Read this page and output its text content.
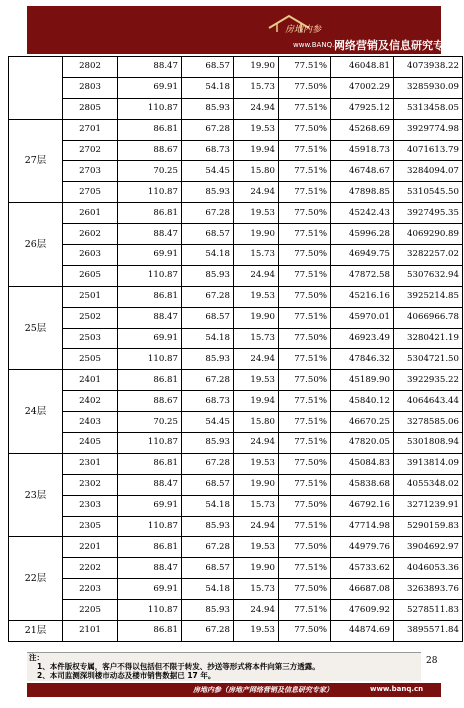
房地内参
www.BANQ.cn
网络营销及信息研究专家
	2802	88.47	68.57	19.90	77.51%	46048.81	4073938.22
	2803	69.91	54.18	15.73	77.50%	47002.29	3285930.09
	2805	110.87	85.93	24.94	77.51%	47925.12	5313458.05
27层	2701	86.81	67.28	19.53	77.50%	45268.69	3929774.98
	2702	88.67	68.73	19.94	77.51%	45918.73	4071613.79
	2703	70.25	54.45	15.80	77.51%	46748.67	3284094.07
	2705	110.87	85.93	24.94	77.51%	47898.85	5310545.50
26层	2601	86.81	67.28	19.53	77.50%	45242.43	3927495.35
	2602	88.47	68.57	19.90	77.51%	45996.28	4069290.89
	2603	69.91	54.18	15.73	77.50%	46949.75	3282257.02
	2605	110.87	85.93	24.94	77.51%	47872.58	5307632.94
25层	2501	86.81	67.28	19.53	77.50%	45216.16	3925214.85
	2502	88.47	68.57	19.90	77.51%	45970.01	4066966.78
	2503	69.91	54.18	15.73	77.50%	46923.49	3280421.19
	2505	110.87	85.93	24.94	77.51%	47846.32	5304721.50
24层	2401	86.81	67.28	19.53	77.50%	45189.90	3922935.22
	2402	88.67	68.73	19.94	77.51%	45840.12	4064643.44
	2403	70.25	54.45	15.80	77.51%	46670.25	3278585.06
	2405	110.87	85.93	24.94	77.51%	47820.05	5301808.94
23层	2301	86.81	67.28	19.53	77.50%	45084.83	3913814.09
	2302	88.47	68.57	19.90	77.51%	45838.68	4055348.02
	2303	69.91	54.18	15.73	77.50%	46792.16	3271239.91
	2305	110.87	85.93	24.94	77.51%	47714.98	5290159.83
22层	2201	86.81	67.28	19.53	77.50%	44979.76	3904692.97
	2202	88.47	68.57	19.90	77.51%	45733.62	4046053.36
	2203	69.91	54.18	15.73	77.50%	46687.08	3263893.76
	2205	110.87	85.93	24.94	77.51%	47609.92	5278511.83
21层	2101	86.81	67.28	19.53	77.50%	44874.69	3895571.84
注：
1、本件版权专属，客户不得以包括但不限于转发、抄送等形式将本件向第三方透露。
2、本司监测深圳楼市动态及楼市销售数据已 17 年。
28
房地内参（房地产网络营销及信息研究专家）	www.banq.cn
